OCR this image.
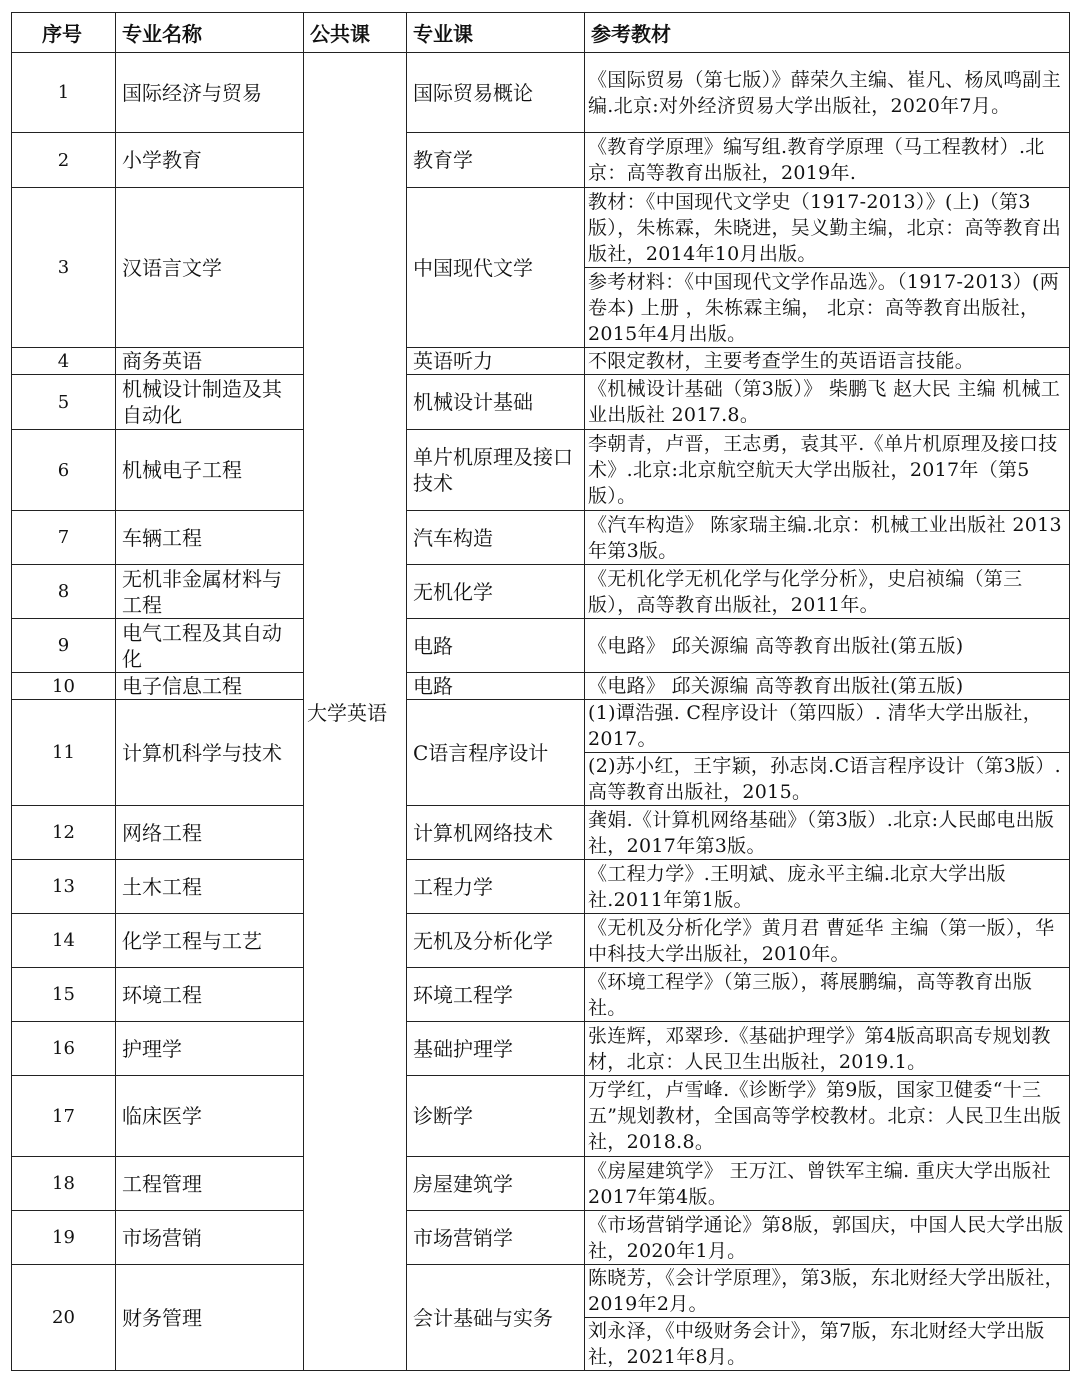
序号	专业名称	公共课	专业课	参考教材
1	国际经济与贸易	大学英语	国际贸易概论	《国际贸易（第七版）》薛荣久主编、崔凡、杨凤鸣副主编.北京:对外经济贸易大学出版社，2020年7月。
2	小学教育		教育学	《教育学原理》编写组.教育学原理（马工程教材）.北京：高等教育出版社，2019年.
3	汉语言文学		中国现代文学	教材：《中国现代文学史（1917-2013）》(上)（第3版），朱栋霖，朱晓进，吴义勤主编，北京：高等教育出版社，2014年10月出版。
				参考材料：《中国现代文学作品选》。（1917-2013）(两卷本) 上册 ，朱栋霖主编， 北京：高等教育出版社，2015年4月出版。
4	商务英语		英语听力	不限定教材，主要考查学生的英语语言技能。
5	机械设计制造及其自动化		机械设计基础	《机械设计基础（第3版）》 柴鹏飞 赵大民 主编 机械工业出版社 2017.8。
6	机械电子工程		单片机原理及接口技术	李朝青，卢晋，王志勇，袁其平.《单片机原理及接口技术》.北京:北京航空航天大学出版社，2017年（第5版）。
7	车辆工程		汽车构造	《汽车构造》 陈家瑞主编.北京：机械工业出版社 2013年第3版。
8	无机非金属材料与工程		无机化学	《无机化学无机化学与化学分析》，史启祯编（第三版），高等教育出版社，2011年。
9	电气工程及其自动化		电路	《电路》 邱关源编 高等教育出版社(第五版)
10	电子信息工程		电路	《电路》 邱关源编 高等教育出版社(第五版)
11	计算机科学与技术		C语言程序设计	(1)谭浩强. C程序设计（第四版）. 清华大学出版社，2017。
				(2)苏小红，王宇颖，孙志岗.C语言程序设计（第3版）.高等教育出版社，2015。
12	网络工程		计算机网络技术	龚娟.《计算机网络基础》（第3版）.北京:人民邮电出版社，2017年第3版。
13	土木工程		工程力学	《工程力学》.王明斌、庞永平主编.北京大学出版社.2011年第1版。
14	化学工程与工艺		无机及分析化学	《无机及分析化学》黄月君 曹延华 主编（第一版），华中科技大学出版社，2010年。
15	环境工程		环境工程学	《环境工程学》（第三版），蒋展鹏编，高等教育出版社。
16	护理学		基础护理学	张连辉，邓翠珍.《基础护理学》第4版高职高专规划教材，北京：人民卫生出版社，2019.1。
17	临床医学		诊断学	万学红，卢雪峰.《诊断学》第9版，国家卫健委“十三五”规划教材，全国高等学校教材。北京：人民卫生出版社，2018.8。
18	工程管理		房屋建筑学	《房屋建筑学》 王万江、曾铁军主编. 重庆大学出版社2017年第4版。
19	市场营销		市场营销学	《市场营销学通论》第8版，郭国庆，中国人民大学出版社，2020年1月。
20	财务管理		会计基础与实务	陈晓芳，《会计学原理》，第3版，东北财经大学出版社，2019年2月。
				刘永泽，《中级财务会计》，第7版，东北财经大学出版社，2021年8月。
